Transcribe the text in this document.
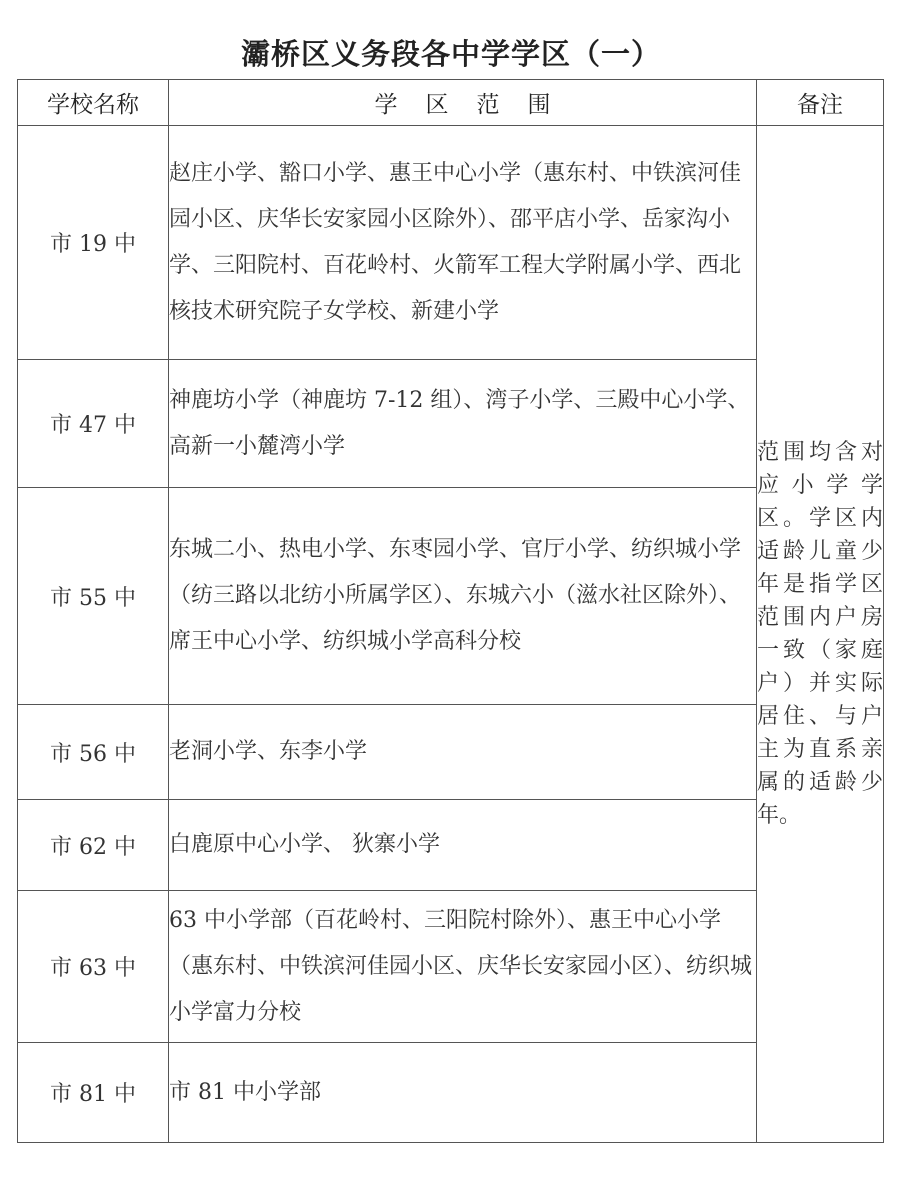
灞桥区义务段各中学学区（一）
学校名称	学区范围	备注
市 19 中	赵庄小学、豁口小学、惠王中心小学（惠东村、中铁滨河佳园小区、庆华长安家园小区除外）、邵平店小学、岳家沟小学、三阳院村、百花岭村、火箭军工程大学附属小学、西北核技术研究院子女学校、新建小学	范围均含对应小学学区。学区内适龄儿童少年是指学区范围内户房一致（家庭户）并实际居住、与户主为直系亲属的适龄少年。
市 47 中	神鹿坊小学（神鹿坊 7-12 组）、湾子小学、三殿中心小学、高新一小麓湾小学	
市 55 中	东城二小、热电小学、东枣园小学、官厅小学、纺织城小学（纺三路以北纺小所属学区）、东城六小（滋水社区除外）、席王中心小学、纺织城小学高科分校	
市 56 中	老洞小学、东李小学	
市 62 中	白鹿原中心小学、 狄寨小学	
市 63 中	63 中小学部（百花岭村、三阳院村除外）、惠王中心小学（惠东村、中铁滨河佳园小区、庆华长安家园小区）、纺织城小学富力分校	
市 81 中	市 81 中小学部	
